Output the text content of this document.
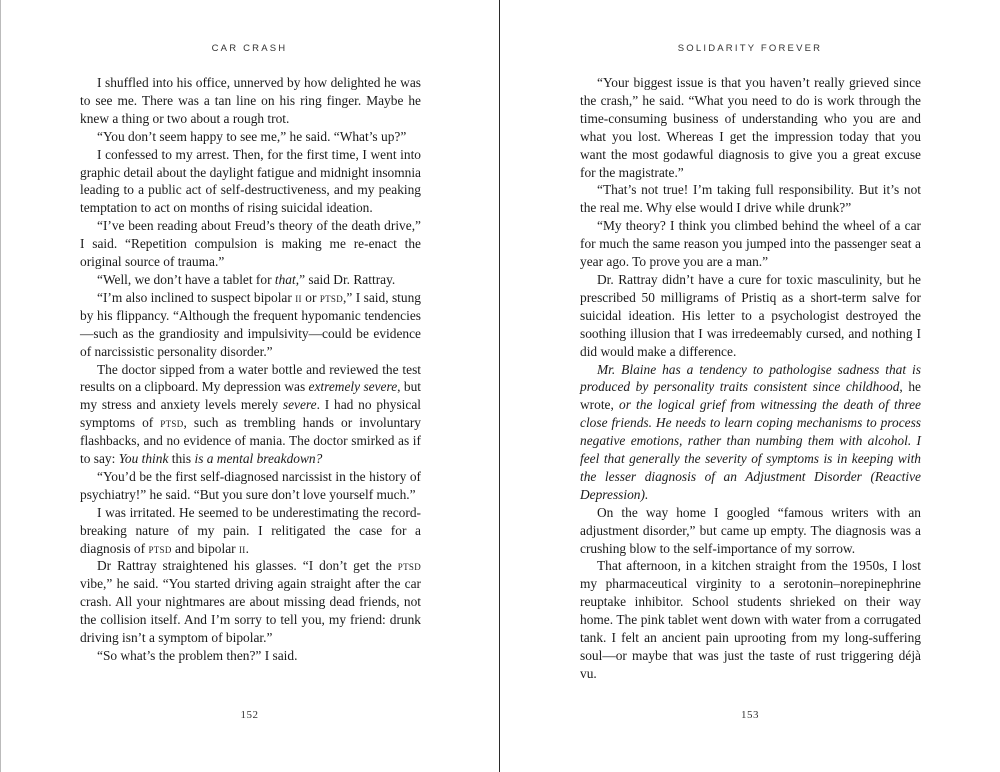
CAR CRASH

I shuffled into his office, unnerved by how delighted he was to see me. There was a tan line on his ring finger. Maybe he knew a thing or two about a rough trot.

“You don’t seem happy to see me,” he said. “What’s up?”

I confessed to my arrest. Then, for the first time, I went into graphic detail about the daylight fatigue and midnight insomnia leading to a public act of self-destructiveness, and my peaking temptation to act on months of rising suicidal ideation.

“I’ve been reading about Freud’s theory of the death drive,” I said. “Repetition compulsion is making me re-enact the original source of trauma.”

“Well, we don’t have a tablet for that,” said Dr. Rattray.

“I’m also inclined to suspect bipolar ii or ptsd,” I said, stung by his flippancy. “Although the frequent hypomanic tendencies—such as the grandiosity and impulsivity—could be evidence of narcissistic personality disorder.”

The doctor sipped from a water bottle and reviewed the test results on a clipboard. My depression was extremely severe, but my stress and anxiety levels merely severe. I had no physical symptoms of ptsd, such as trembling hands or involuntary flashbacks, and no evidence of mania. The doctor smirked as if to say: You think this is a mental breakdown?

“You’d be the first self-diagnosed narcissist in the history of psychiatry!” he said. “But you sure don’t love yourself much.”

I was irritated. He seemed to be underestimating the record-breaking nature of my pain. I relitigated the case for a diagnosis of ptsd and bipolar ii.

Dr Rattray straightened his glasses. “I don’t get the ptsd vibe,” he said. “You started driving again straight after the car crash. All your nightmares are about missing dead friends, not the collision itself. And I’m sorry to tell you, my friend: drunk driving isn’t a symptom of bipolar.”

“So what’s the problem then?” I said.

152
SOLIDARITY FOREVER

“Your biggest issue is that you haven’t really grieved since the crash,” he said. “What you need to do is work through the time-consuming business of understanding who you are and what you lost. Whereas I get the impression today that you want the most godawful diagnosis to give you a great excuse for the magistrate.”

“That’s not true! I’m taking full responsibility. But it’s not the real me. Why else would I drive while drunk?”

“My theory? I think you climbed behind the wheel of a car for much the same reason you jumped into the passenger seat a year ago. To prove you are a man.”

Dr. Rattray didn’t have a cure for toxic masculinity, but he prescribed 50 milligrams of Pristiq as a short-term salve for suicidal ideation. His letter to a psychologist destroyed the soothing illusion that I was irredeemably cursed, and nothing I did would make a difference.

Mr. Blaine has a tendency to pathologise sadness that is produced by personality traits consistent since childhood, he wrote, or the logical grief from witnessing the death of three close friends. He needs to learn coping mechanisms to process negative emotions, rather than numbing them with alcohol. I feel that generally the severity of symptoms is in keeping with the lesser diagnosis of an Adjustment Disorder (Reactive Depression).

On the way home I googled “famous writers with an adjustment disorder,” but came up empty. The diagnosis was a crushing blow to the self-importance of my sorrow.

That afternoon, in a kitchen straight from the 1950s, I lost my pharmaceutical virginity to a serotonin–norepinephrine reuptake inhibitor. School students shrieked on their way home. The pink tablet went down with water from a corrugated tank. I felt an ancient pain uprooting from my long-suffering soul—or maybe that was just the taste of rust triggering déjà vu.

153
